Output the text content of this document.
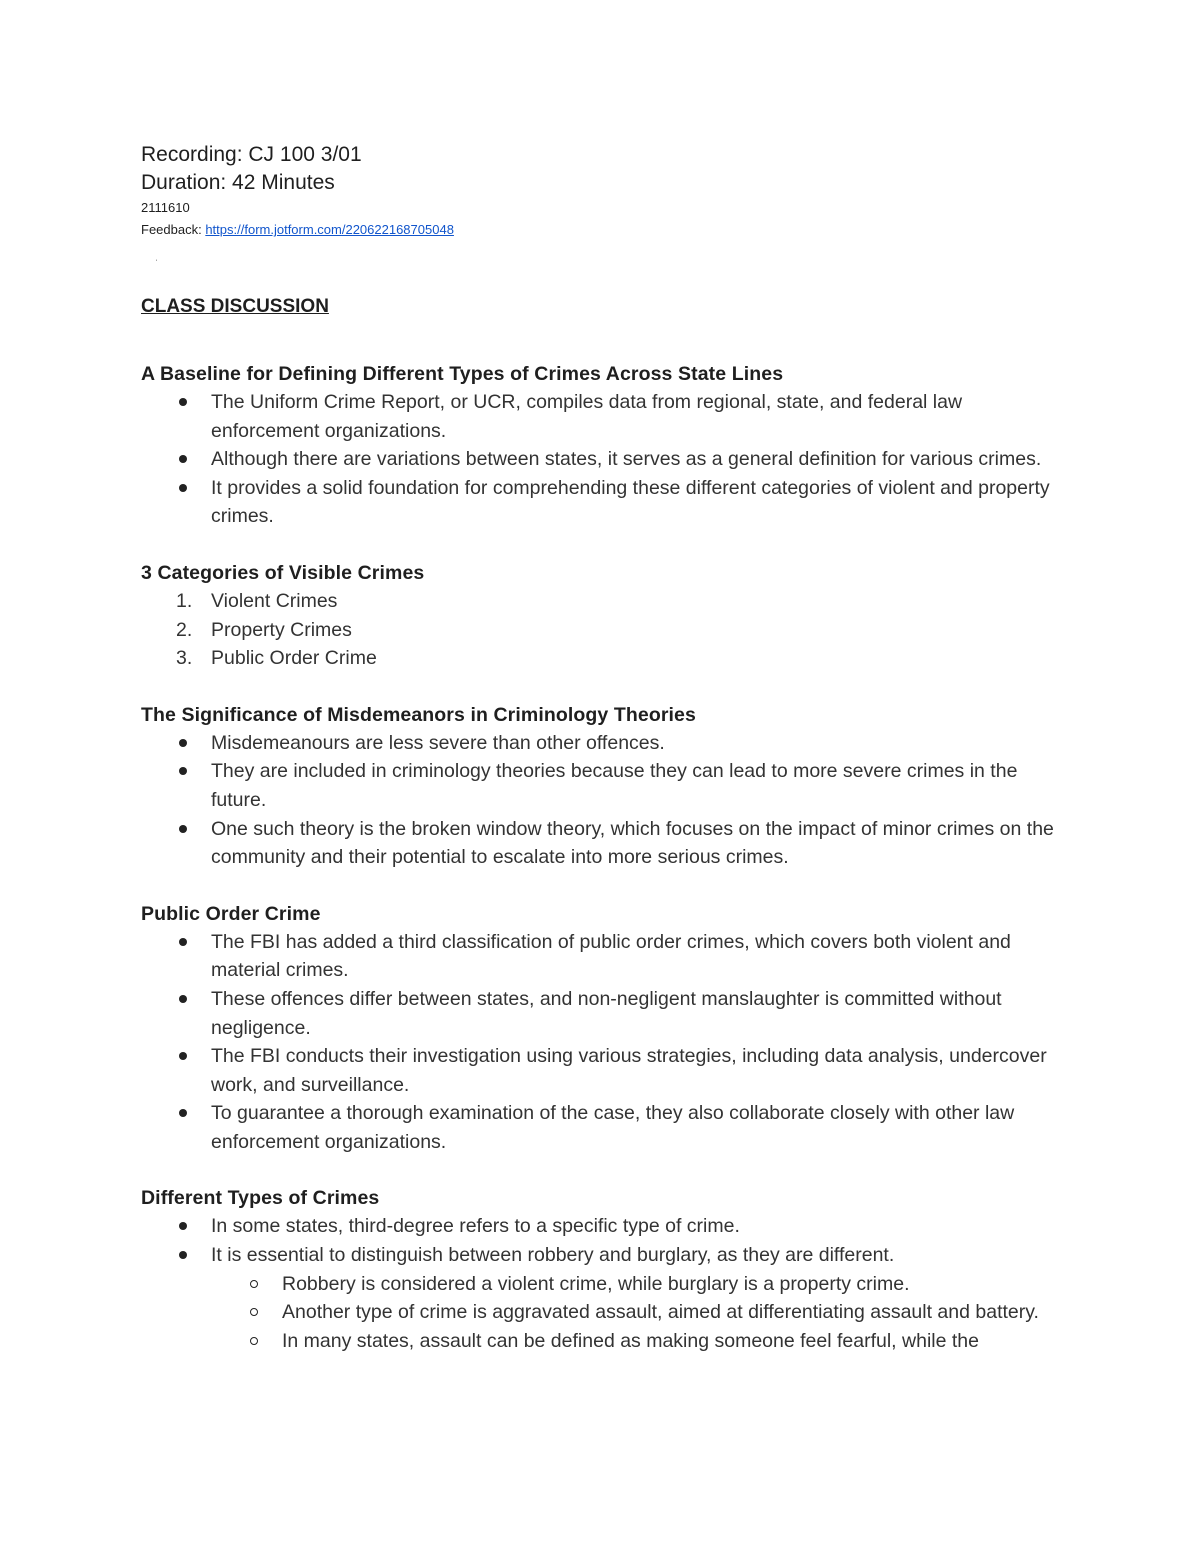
Recording: CJ 100 3/01

Duration: 42 Minutes

2111610

Feedback: https://form.jotform.com/220622168705048

ˈ

CLASS DISCUSSION

A Baseline for Defining Different Types of Crimes Across State Lines

The Uniform Crime Report, or UCR, compiles data from regional, state, and federal law enforcement organizations.
Although there are variations between states, it serves as a general definition for various crimes.
It provides a solid foundation for comprehending these different categories of violent and property crimes.

3 Categories of Visible Crimes

1. Violent Crimes
2. Property Crimes
3. Public Order Crime

The Significance of Misdemeanors in Criminology Theories

Misdemeanours are less severe than other offences.
They are included in criminology theories because they can lead to more severe crimes in the future.
One such theory is the broken window theory, which focuses on the impact of minor crimes on the community and their potential to escalate into more serious crimes.

Public Order Crime

The FBI has added a third classification of public order crimes, which covers both violent and material crimes.
These offences differ between states, and non-negligent manslaughter is committed without negligence.
The FBI conducts their investigation using various strategies, including data analysis, undercover work, and surveillance.
To guarantee a thorough examination of the case, they also collaborate closely with other law enforcement organizations.

Different Types of Crimes

In some states, third-degree refers to a specific type of crime.
It is essential to distinguish between robbery and burglary, as they are different.
Robbery is considered a violent crime, while burglary is a property crime.
Another type of crime is aggravated assault, aimed at differentiating assault and battery.
In many states, assault can be defined as making someone feel fearful, while the
